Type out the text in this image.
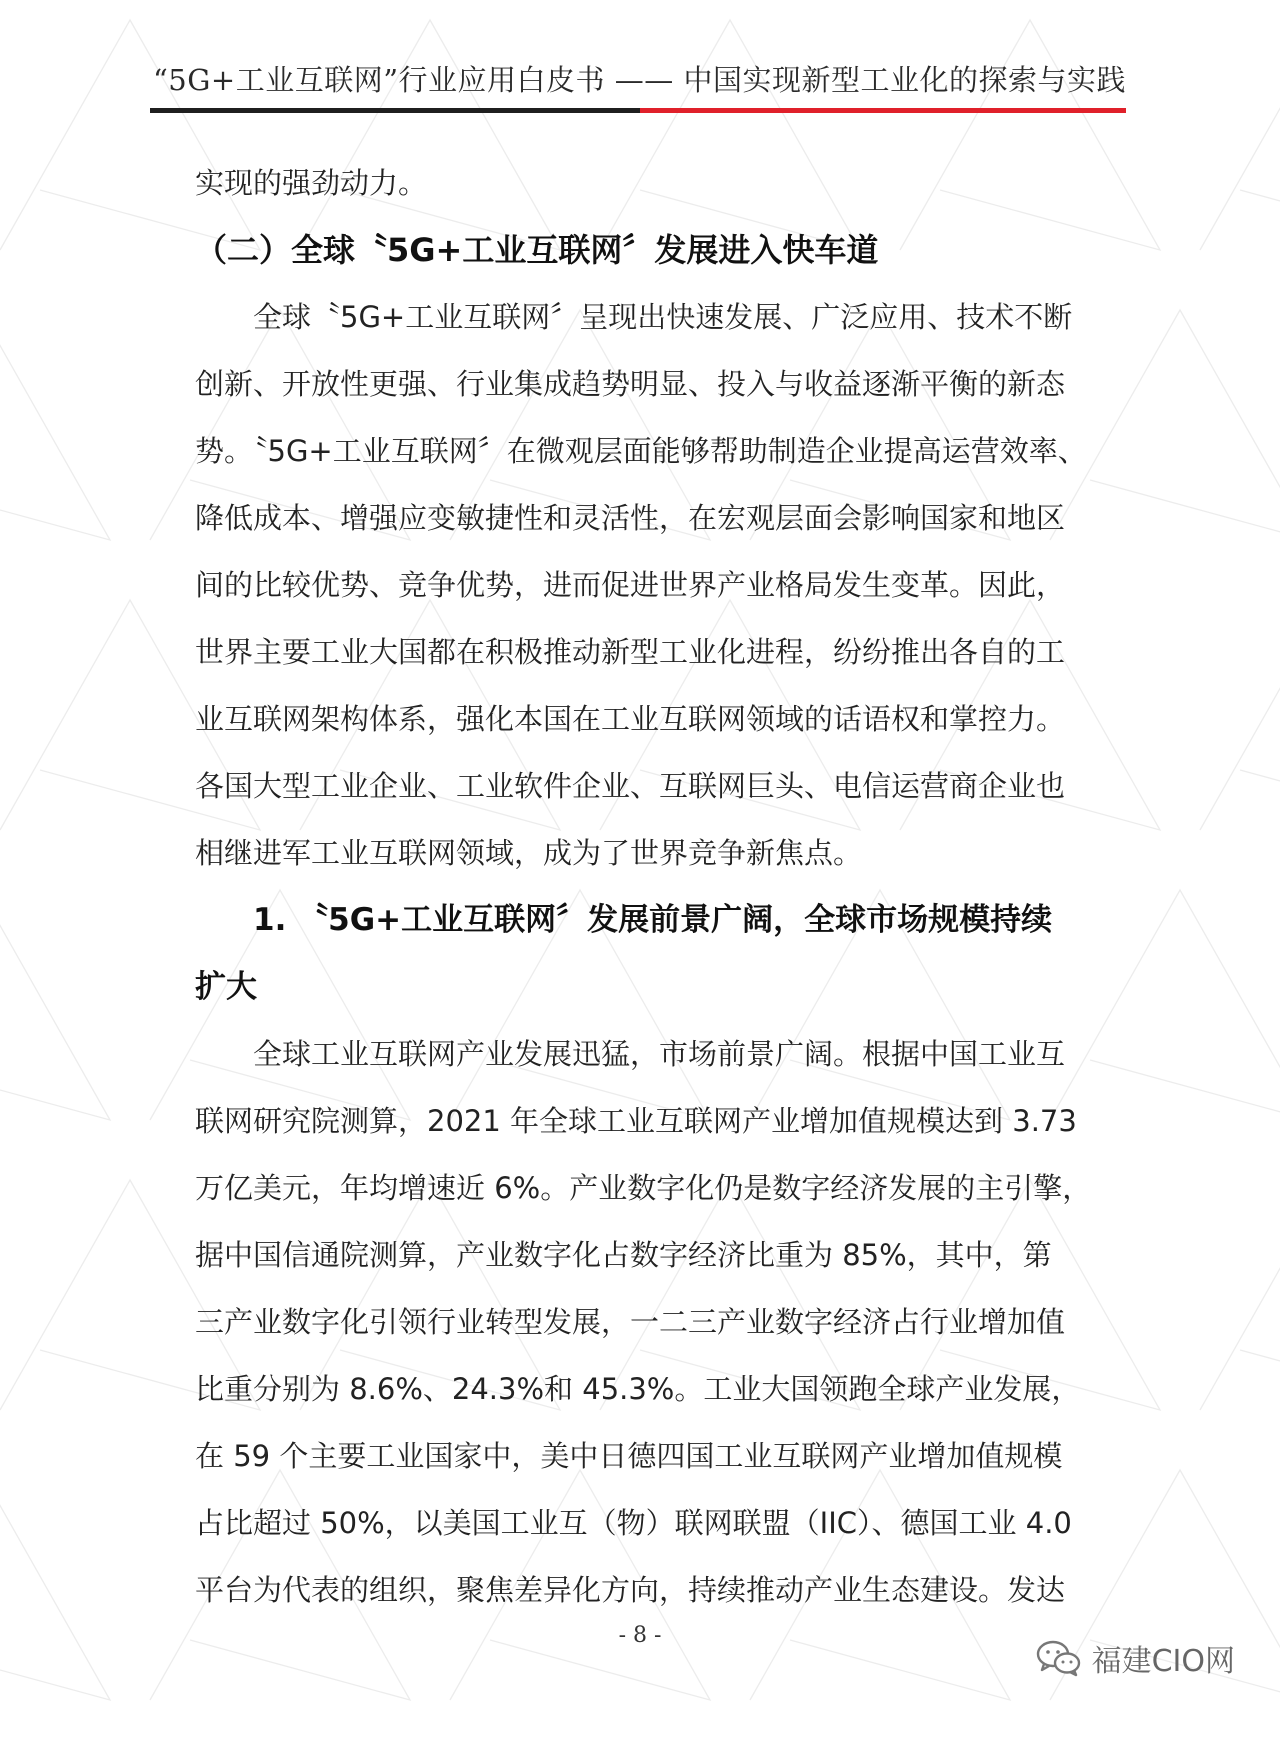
“5G+工业互联网”行业应用白皮书 —— 中国实现新型工业化的探索与实践

实现的强劲动力。

（二）全球〝5G+工业互联网〞发展进入快车道

全球〝5G+工业互联网〞呈现出快速发展、广泛应用、技术不断

创新、开放性更强、行业集成趋势明显、投入与收益逐渐平衡的新态

势。〝5G+工业互联网〞在微观层面能够帮助制造企业提高运营效率、

降低成本、增强应变敏捷性和灵活性，在宏观层面会影响国家和地区

间的比较优势、竞争优势，进而促进世界产业格局发生变革。因此，

世界主要工业大国都在积极推动新型工业化进程，纷纷推出各自的工

业互联网架构体系，强化本国在工业互联网领域的话语权和掌控力。

各国大型工业企业、工业软件企业、互联网巨头、电信运营商企业也

相继进军工业互联网领域，成为了世界竞争新焦点。

1. 〝5G+工业互联网〞发展前景广阔，全球市场规模持续

扩大

全球工业互联网产业发展迅猛，市场前景广阔。根据中国工业互

联网研究院测算，2021 年全球工业互联网产业增加值规模达到 3.73

万亿美元，年均增速近 6%。产业数字化仍是数字经济发展的主引擎，

据中国信通院测算，产业数字化占数字经济比重为 85%，其中，第

三产业数字化引领行业转型发展，一二三产业数字经济占行业增加值

比重分别为 8.6%、24.3%和 45.3%。工业大国领跑全球产业发展，

在 59 个主要工业国家中，美中日德四国工业互联网产业增加值规模

占比超过 50%，以美国工业互（物）联网联盟（IIC）、德国工业 4.0

平台为代表的组织，聚焦差异化方向，持续推动产业生态建设。发达

- 8 -
福建CIO网
